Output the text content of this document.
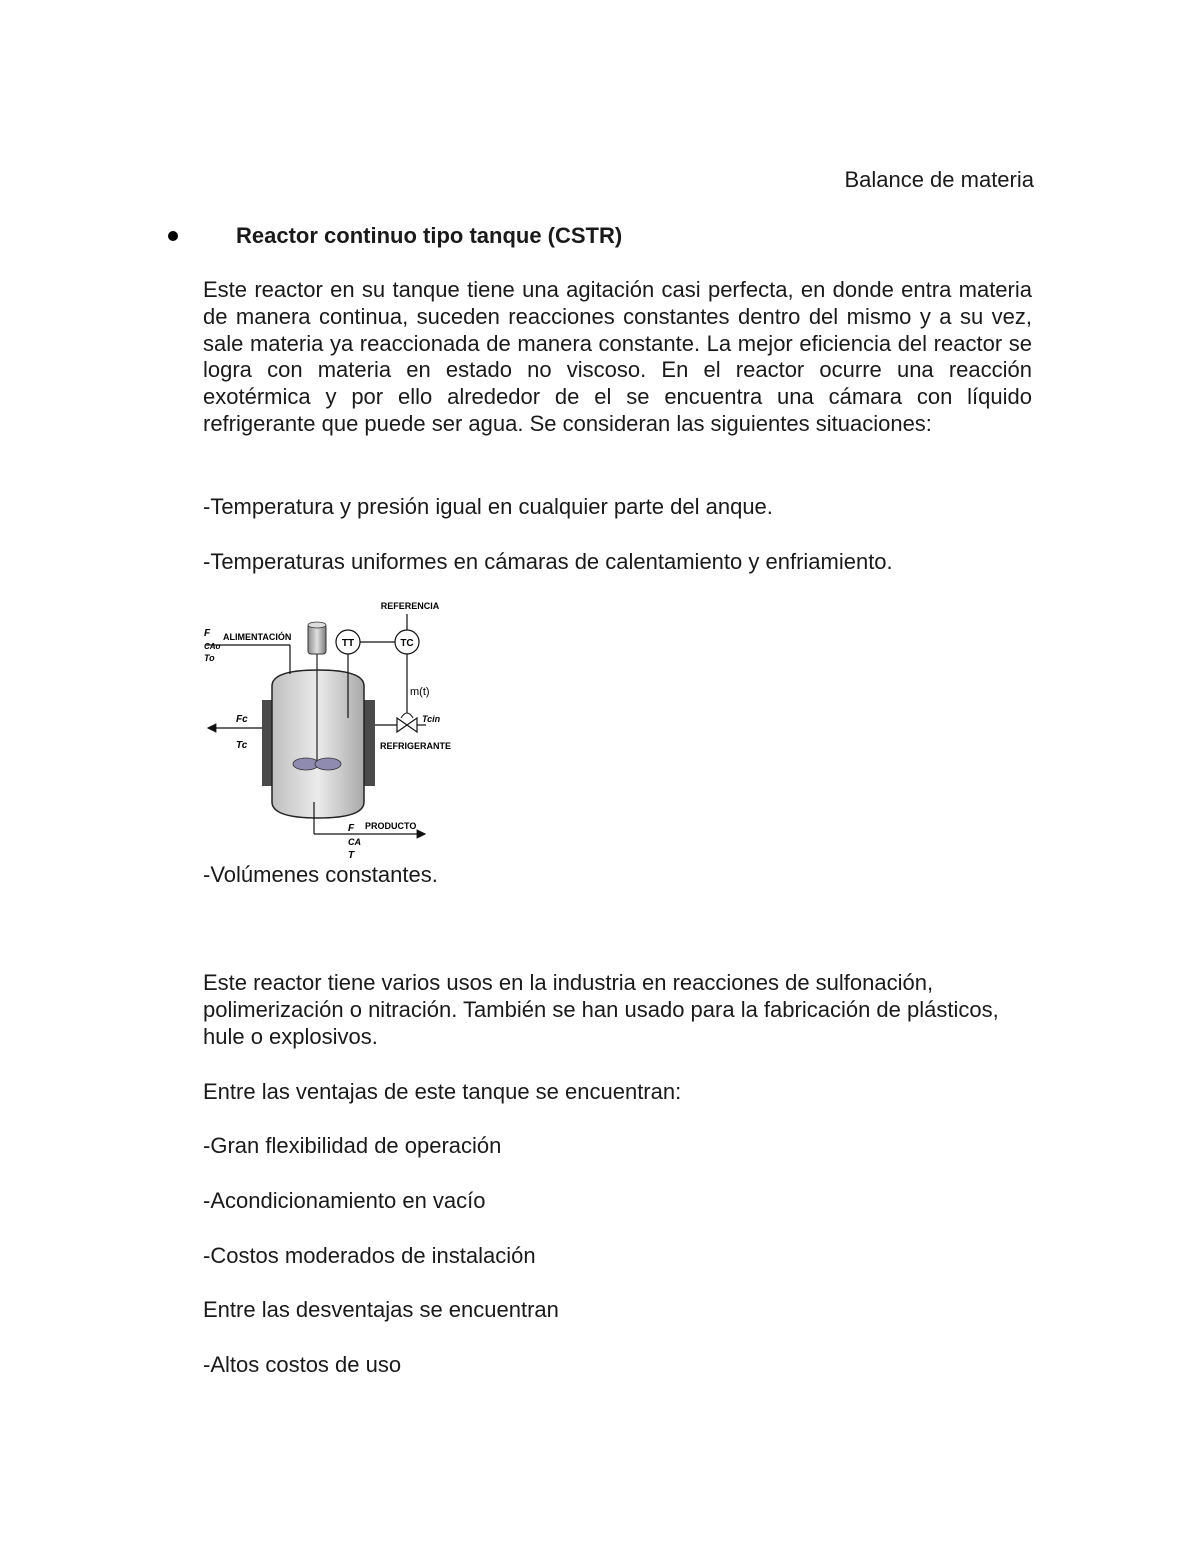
Balance de materia
Reactor continuo tipo tanque (CSTR)

Este reactor en su tanque tiene una agitación casi perfecta, en donde entra materia de manera continua, suceden reacciones constantes dentro del mismo y a su vez, sale materia ya reaccionada de manera constante. La mejor eficiencia del reactor se logra con materia en estado no viscoso. En el reactor ocurre una reacción exotérmica y por ello alrededor de el se encuentra una cámara con líquido refrigerante que puede ser agua. Se consideran las siguientes situaciones:

-Temperatura y presión igual en cualquier parte del anque.

-Temperaturas uniformes en cámaras de calentamiento y enfriamiento.

TT	TC
REFERENCIA
m(t)
Tcin
REFRIGERANTE
Fc
Tc
F
CAo
To
ALIMENTACIÓN
PRODUCTO
F
CA
T

-Volúmenes constantes.

Este reactor tiene varios usos en la industria en reacciones de sulfonación, polimerización o nitración. También se han usado para la fabricación de plásticos, hule o explosivos.

Entre las ventajas de este tanque se encuentran:

-Gran flexibilidad de operación

-Acondicionamiento en vacío

-Costos moderados de instalación

Entre las desventajas se encuentran

-Altos costos de uso
